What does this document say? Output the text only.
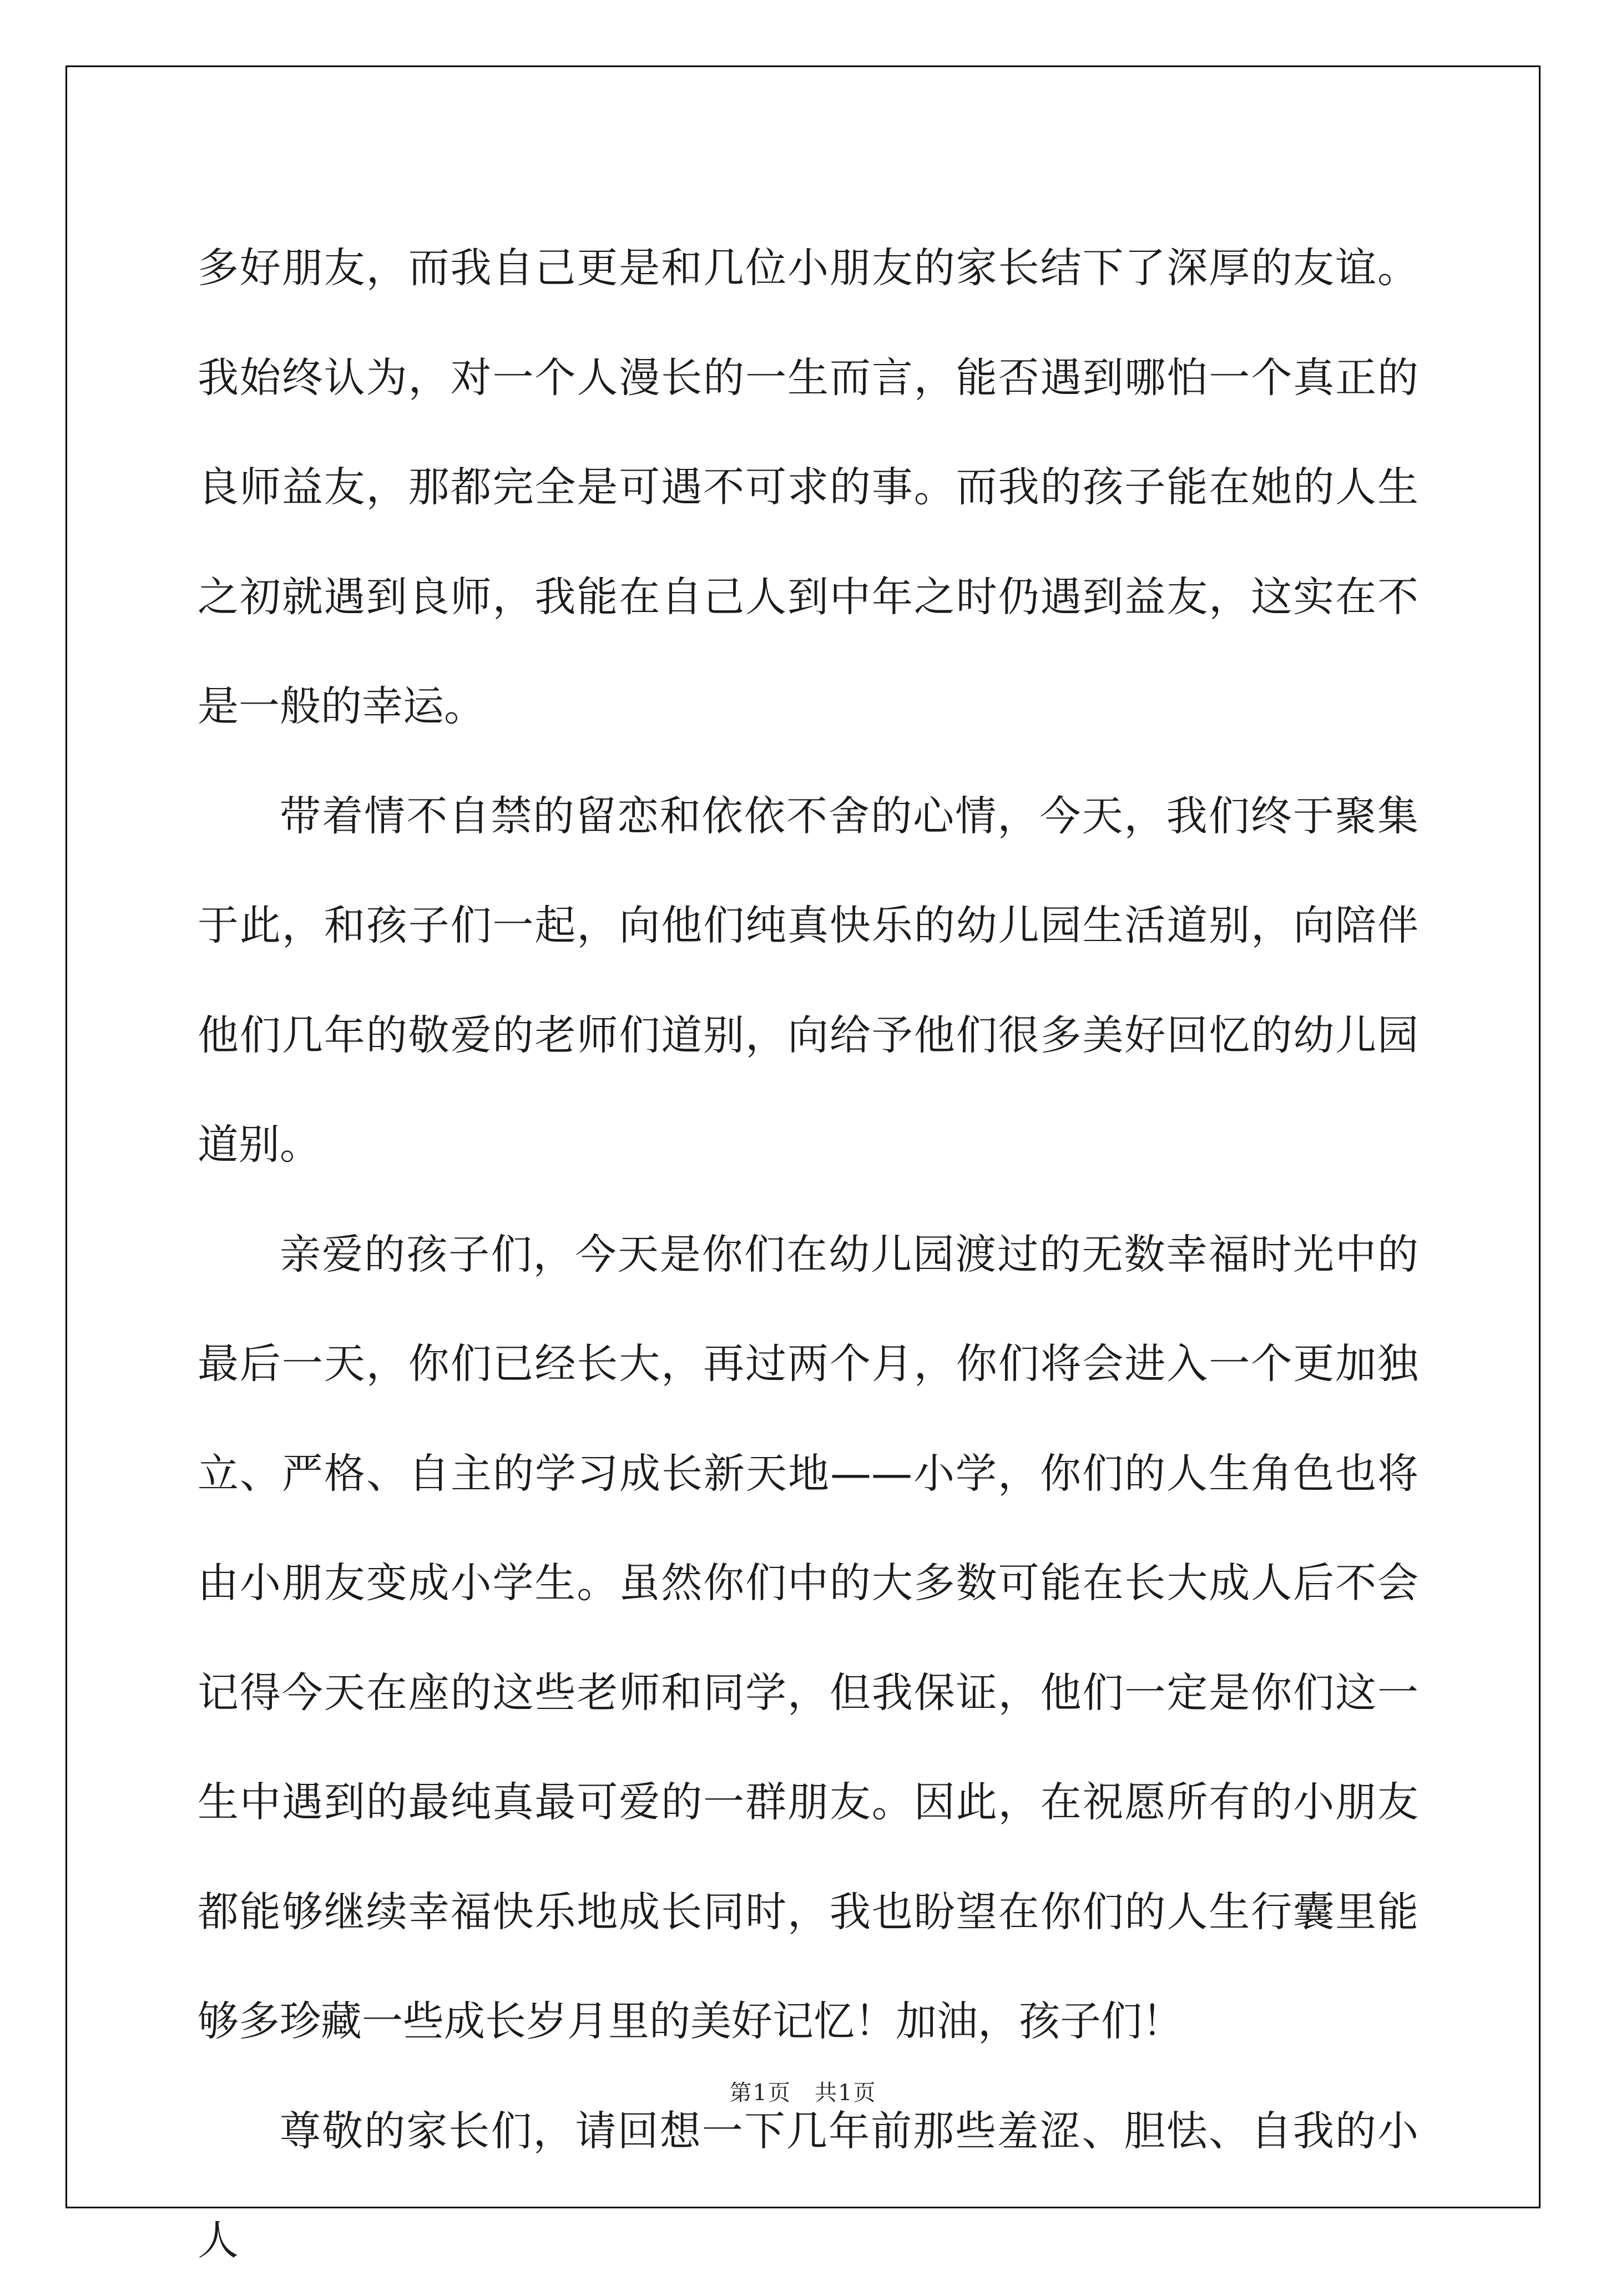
多好朋友，而我自己更是和几位小朋友的家长结下了深厚的友谊。我始终认为，对一个人漫长的一生而言，能否遇到哪怕一个真正的良师益友，那都完全是可遇不可求的事。而我的孩子能在她的人生之初就遇到良师，我能在自己人到中年之时仍遇到益友，这实在不是一般的幸运。

带着情不自禁的留恋和依依不舍的心情，今天，我们终于聚集于此，和孩子们一起，向他们纯真快乐的幼儿园生活道别，向陪伴他们几年的敬爱的老师们道别，向给予他们很多美好回忆的幼儿园道别。

亲爱的孩子们，今天是你们在幼儿园渡过的无数幸福时光中的最后一天，你们已经长大，再过两个月，你们将会进入一个更加独立、严格、自主的学习成长新天地——小学，你们的人生角色也将由小朋友变成小学生。虽然你们中的大多数可能在长大成人后不会记得今天在座的这些老师和同学，但我保证，他们一定是你们这一生中遇到的最纯真最可爱的一群朋友。因此，在祝愿所有的小朋友都能够继续幸福快乐地成长同时，我也盼望在你们的人生行囊里能够多珍藏一些成长岁月里的美好记忆！加油，孩子们！

尊敬的家长们，请回想一下几年前那些羞涩、胆怯、自我的小人

第1页　共1页
